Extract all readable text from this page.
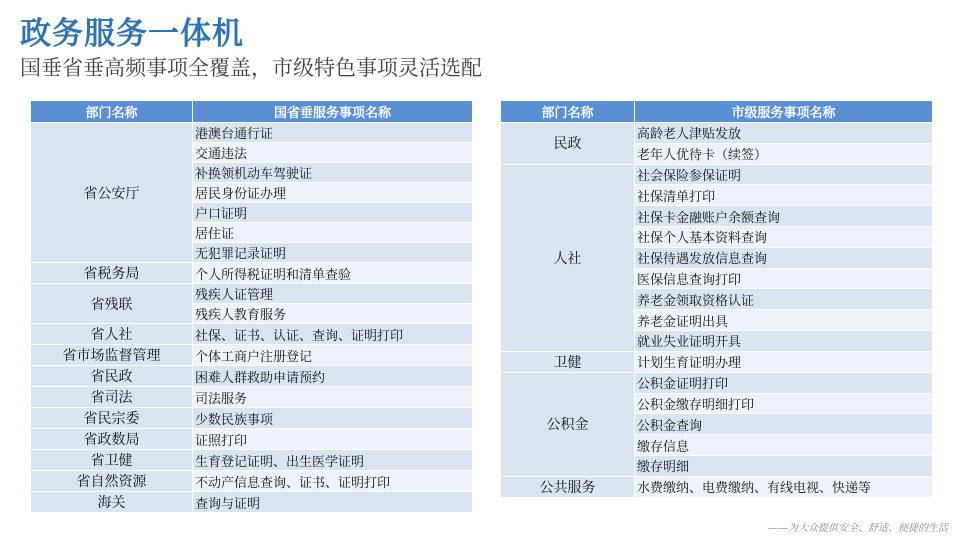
政务服务一体机
国垂省垂高频事项全覆盖，市级特色事项灵活选配
部门名称	国省垂服务事项名称
省公安厅	港澳台通行证
	交通违法
	补换领机动车驾驶证
	居民身份证办理
	户口证明
	居住证
	无犯罪记录证明
省税务局	个人所得税证明和清单查验
省残联	残疾人证管理
	残疾人教育服务
省人社	社保、证书、认证、查询、证明打印
省市场监督管理	个体工商户注册登记
省民政	困难人群救助申请预约
省司法	司法服务
省民宗委	少数民族事项
省政数局	证照打印
省卫健	生育登记证明、出生医学证明
省自然资源	不动产信息查询、证书、证明打印
海关	查询与证明
部门名称	市级服务事项名称
民政	高龄老人津贴发放
	老年人优待卡（续签）
人社	社会保险参保证明
	社保清单打印
	社保卡金融账户余额查询
	社保个人基本资料查询
	社保待遇发放信息查询
	医保信息查询打印
	养老金领取资格认证
	养老金证明出具
	就业失业证明开具
卫健	计划生育证明办理
公积金	公积金证明打印
	公积金缴存明细打印
	公积金查询
	缴存信息
	缴存明细
公共服务	水费缴纳、电费缴纳、有线电视、快递等
——为大众提供安全、舒适、便捷的生活
